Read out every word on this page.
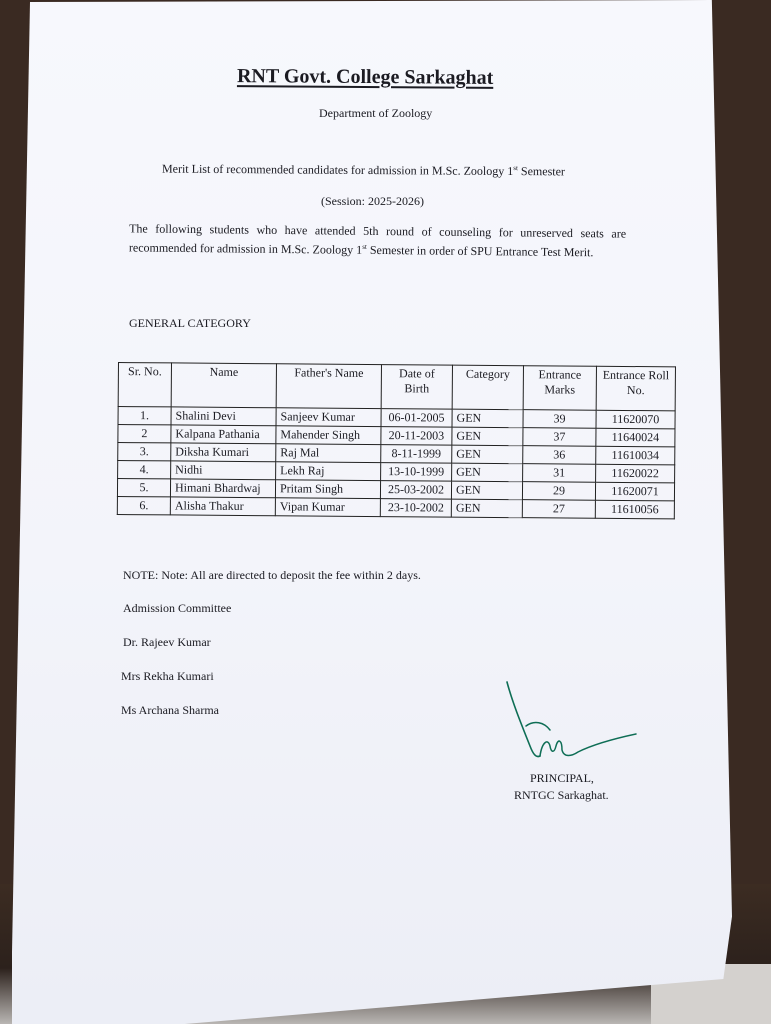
RNT Govt. College Sarkaghat
Department of Zoology
Merit List of recommended candidates for admission in M.Sc. Zoology 1st Semester
(Session: 2025-2026)
The following students who have attended 5th round of counseling for unreserved seats are recommended for admission in M.Sc. Zoology 1st Semester in order of SPU Entrance Test Merit.
GENERAL CATEGORY
Sr. No.	Name	Father's Name	Date of Birth	Category	Entrance Marks	Entrance Roll No.
1.	Shalini Devi	Sanjeev Kumar	06-01-2005	GEN	39	11620070
2	Kalpana Pathania	Mahender Singh	20-11-2003	GEN	37	11640024
3.	Diksha Kumari	Raj Mal	8-11-1999	GEN	36	11610034
4.	Nidhi	Lekh Raj	13-10-1999	GEN	31	11620022
5.	Himani Bhardwaj	Pritam Singh	25-03-2002	GEN	29	11620071
6.	Alisha Thakur	Vipan Kumar	23-10-2002	GEN	27	11610056
NOTE: Note: All are directed to deposit the fee within 2 days.
Admission Committee
Dr. Rajeev Kumar
Mrs Rekha Kumari
Ms Archana Sharma
PRINCIPAL,
RNTGC Sarkaghat.
